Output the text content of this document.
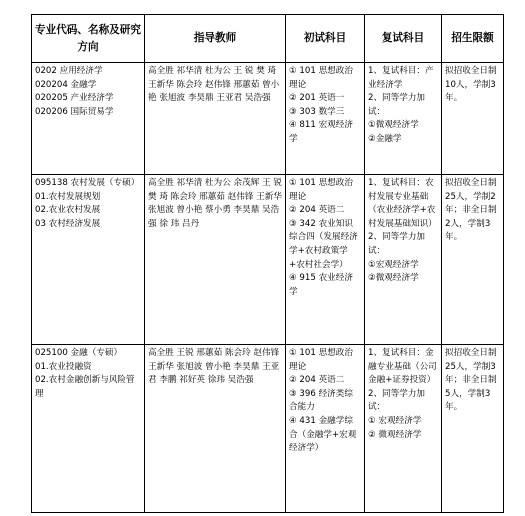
专业代码、名称及研究方向	指导教师	初试科目	复试科目	招生限额
0202 应用经济学
020204 金融学
020205 产业经济学
020206 国际贸易学	高全胜 祁华清 杜为公 王 锐 樊 琦 王新华 陈会玲 赵伟锋 邢蕙茹 曾小艳 张旭波 李昊鼎 王亚君 吴浩强	① 101 思想政治理论
② 201 英语一
③ 303 数学三
④ 811 宏观经济学	1、复试科目：产业经济学
2、同等学力加试：
①微观经济学
②金融学	拟招收全日制10人，学制3年。
095138 农村发展（专硕）
01.农村发展规划
02.农业农村发展
03 农村经济发展	高全胜 祁华清 杜为公 余茂辉 王 锐 樊 琦 陈会玲 邢蕙茹 赵伟锋 王新华 张旭波 曾小艳 蔡小勇 李昊鼎 吴浩强 徐 玮 吕丹	① 101 思想政治理论
② 204 英语二
③ 342 农业知识综合四（发展经济学+农村政策学+农村社会学）
④ 915 农业经济学	1、复试科目：农村发展专业基础（农业经济学+农村发展基础知识）
2、同等学力加试：
①宏观经济学
②微观经济学	拟招收全日制25人，学制2年；非全日制2人，学制3年。
025100 金融（专硕）
01.农业投融资
02.农村金融创新与风险管理	高全胜 王锐 邢蕙茹 陈会玲 赵伟锋 王新华 张旭波 曾小艳 李昊鼎 王亚君 李鹏 祁好英 徐玮 吴浩强	① 101 思想政治理论
② 204 英语二
③ 396 经济类综合能力
④ 431 金融学综合（金融学+宏观经济学）	1、复试科目：金融专业基础（公司金融+证券投资）
2、同等学力加试：
① 宏观经济学
② 微观经济学	拟招收全日制25人，学制3年；非全日制5人，学制3年。
